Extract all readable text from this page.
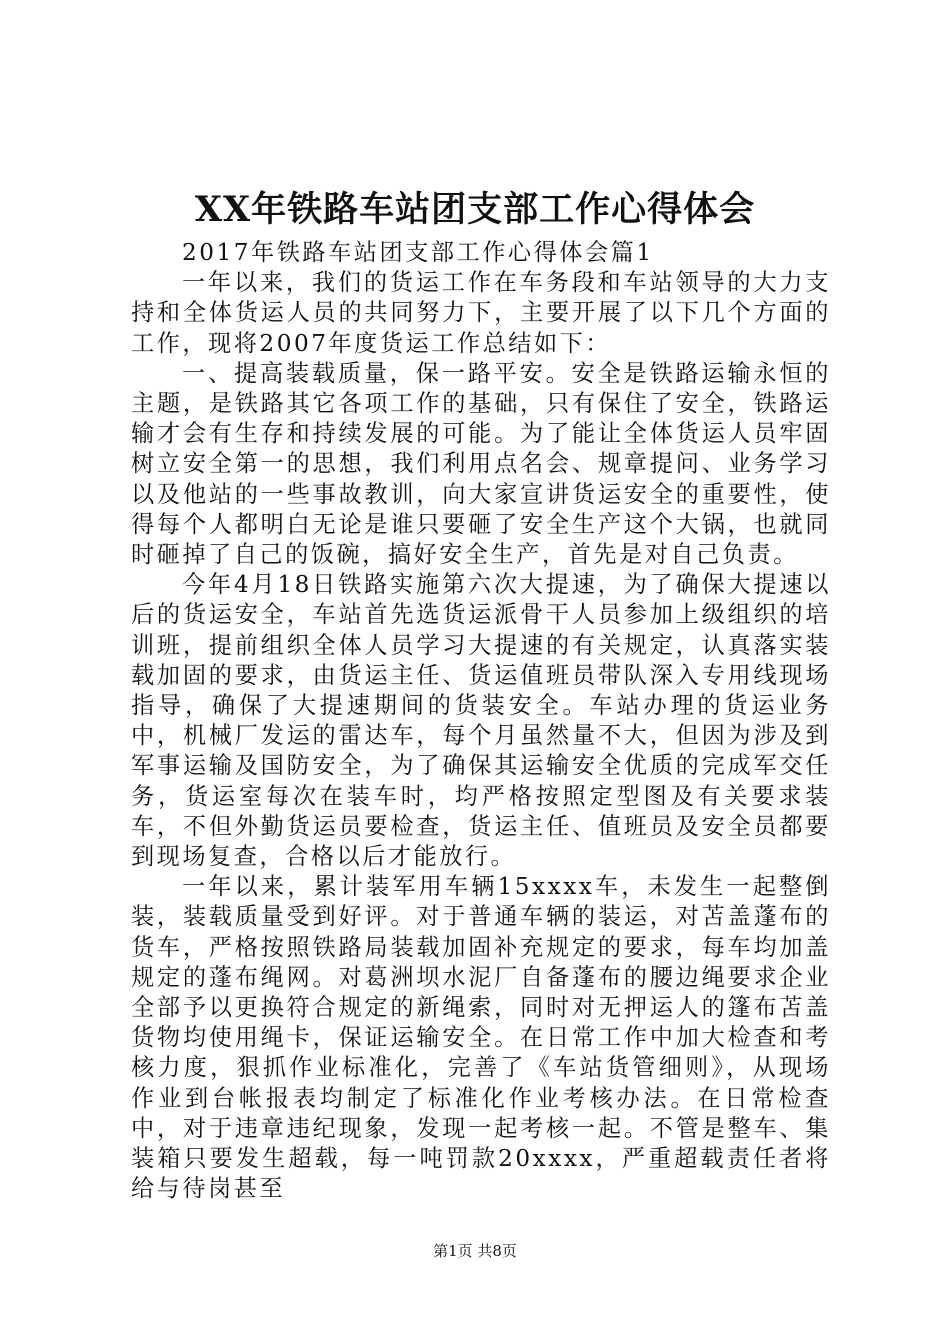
XX年铁路车站团支部工作心得体会

2017年铁路车站团支部工作心得体会篇1

一年以来，我们的货运工作在车务段和车站领导的大力支持和全体货运人员的共同努力下，主要开展了以下几个方面的工作，现将2007年度货运工作总结如下：

一、提高装载质量，保一路平安。安全是铁路运输永恒的主题，是铁路其它各项工作的基础，只有保住了安全，铁路运输才会有生存和持续发展的可能。为了能让全体货运人员牢固树立安全第一的思想，我们利用点名会、规章提问、业务学习以及他站的一些事故教训，向大家宣讲货运安全的重要性，使得每个人都明白无论是谁只要砸了安全生产这个大锅，也就同时砸掉了自己的饭碗，搞好安全生产，首先是对自己负责。

今年4月18日铁路实施第六次大提速，为了确保大提速以后的货运安全，车站首先选货运派骨干人员参加上级组织的培训班，提前组织全体人员学习大提速的有关规定，认真落实装载加固的要求，由货运主任、货运值班员带队深入专用线现场指导，确保了大提速期间的货装安全。车站办理的货运业务中，机械厂发运的雷达车，每个月虽然量不大，但因为涉及到军事运输及国防安全，为了确保其运输安全优质的完成军交任务，货运室每次在装车时，均严格按照定型图及有关要求装车，不但外勤货运员要检查，货运主任、值班员及安全员都要到现场复查，合格以后才能放行。

一年以来，累计装军用车辆15xxxx车，未发生一起整倒装，装载质量受到好评。对于普通车辆的装运，对苫盖蓬布的货车，严格按照铁路局装载加固补充规定的要求，每车均加盖规定的蓬布绳网。对葛洲坝水泥厂自备蓬布的腰边绳要求企业全部予以更换符合规定的新绳索，同时对无押运人的篷布苫盖货物均使用绳卡，保证运输安全。在日常工作中加大检查和考核力度，狠抓作业标准化，完善了《车站货管细则》，从现场作业到台帐报表均制定了标准化作业考核办法。在日常检查中，对于违章违纪现象，发现一起考核一起。不管是整车、集装箱只要发生超载，每一吨罚款20xxxx，严重超载责任者将给与待岗甚至

第1页 共8页
